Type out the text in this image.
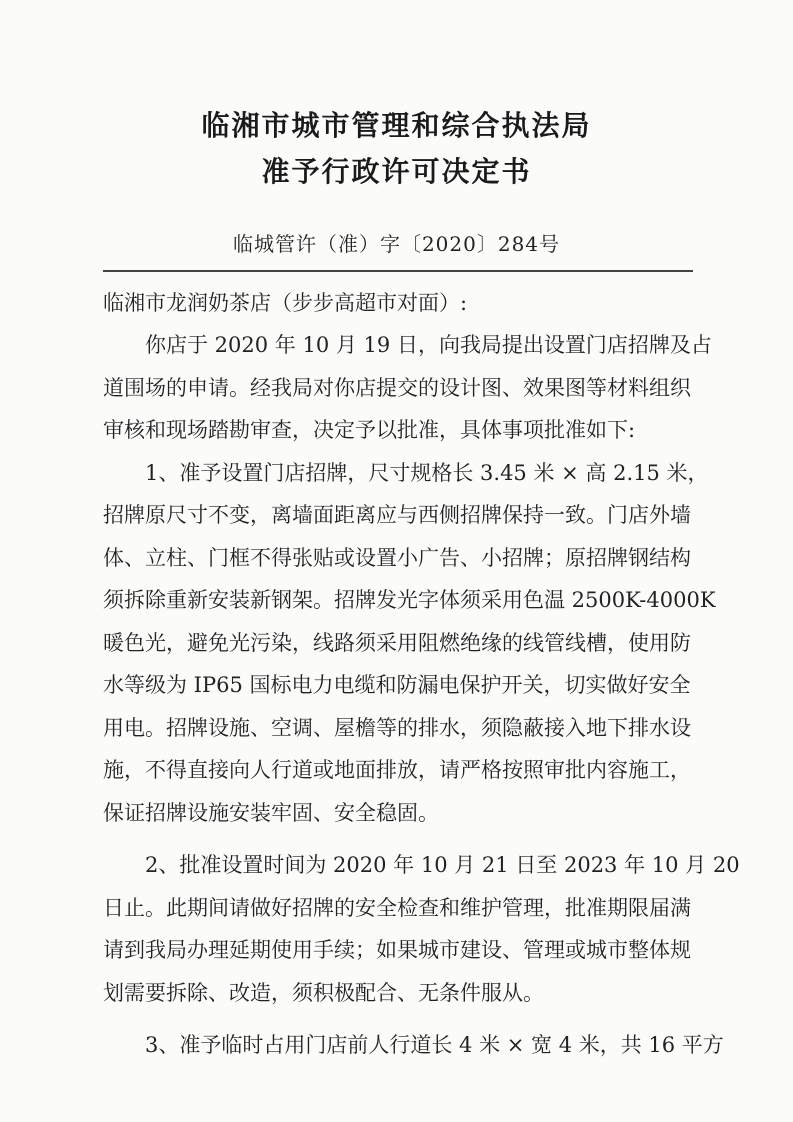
临湘市城市管理和综合执法局
准予行政许可决定书
临城管许（准）字〔2020〕284号
临湘市龙润奶茶店（步步高超市对面）:
　　你店于 2020 年 10 月 19 日，向我局提出设置门店招牌及占
道围场的申请。经我局对你店提交的设计图、效果图等材料组织
审核和现场踏勘审查，决定予以批准，具体事项批准如下:
　　1、准予设置门店招牌，尺寸规格长 3.45 米 × 高 2.15 米，
招牌原尺寸不变，离墙面距离应与西侧招牌保持一致。门店外墙
体、立柱、门框不得张贴或设置小广告、小招牌；原招牌钢结构
须拆除重新安装新钢架。招牌发光字体须采用色温 2500K-4000K
暖色光，避免光污染，线路须采用阻燃绝缘的线管线槽，使用防
水等级为 IP65 国标电力电缆和防漏电保护开关，切实做好安全
用电。招牌设施、空调、屋檐等的排水，须隐蔽接入地下排水设
施，不得直接向人行道或地面排放，请严格按照审批内容施工，
保证招牌设施安装牢固、安全稳固。
　　2、批准设置时间为 2020 年 10 月 21 日至 2023 年 10 月 20
日止。此期间请做好招牌的安全检查和维护管理，批准期限届满
请到我局办理延期使用手续；如果城市建设、管理或城市整体规
划需要拆除、改造，须积极配合、无条件服从。
　　3、准予临时占用门店前人行道长 4 米 × 宽 4 米，共 16 平方
